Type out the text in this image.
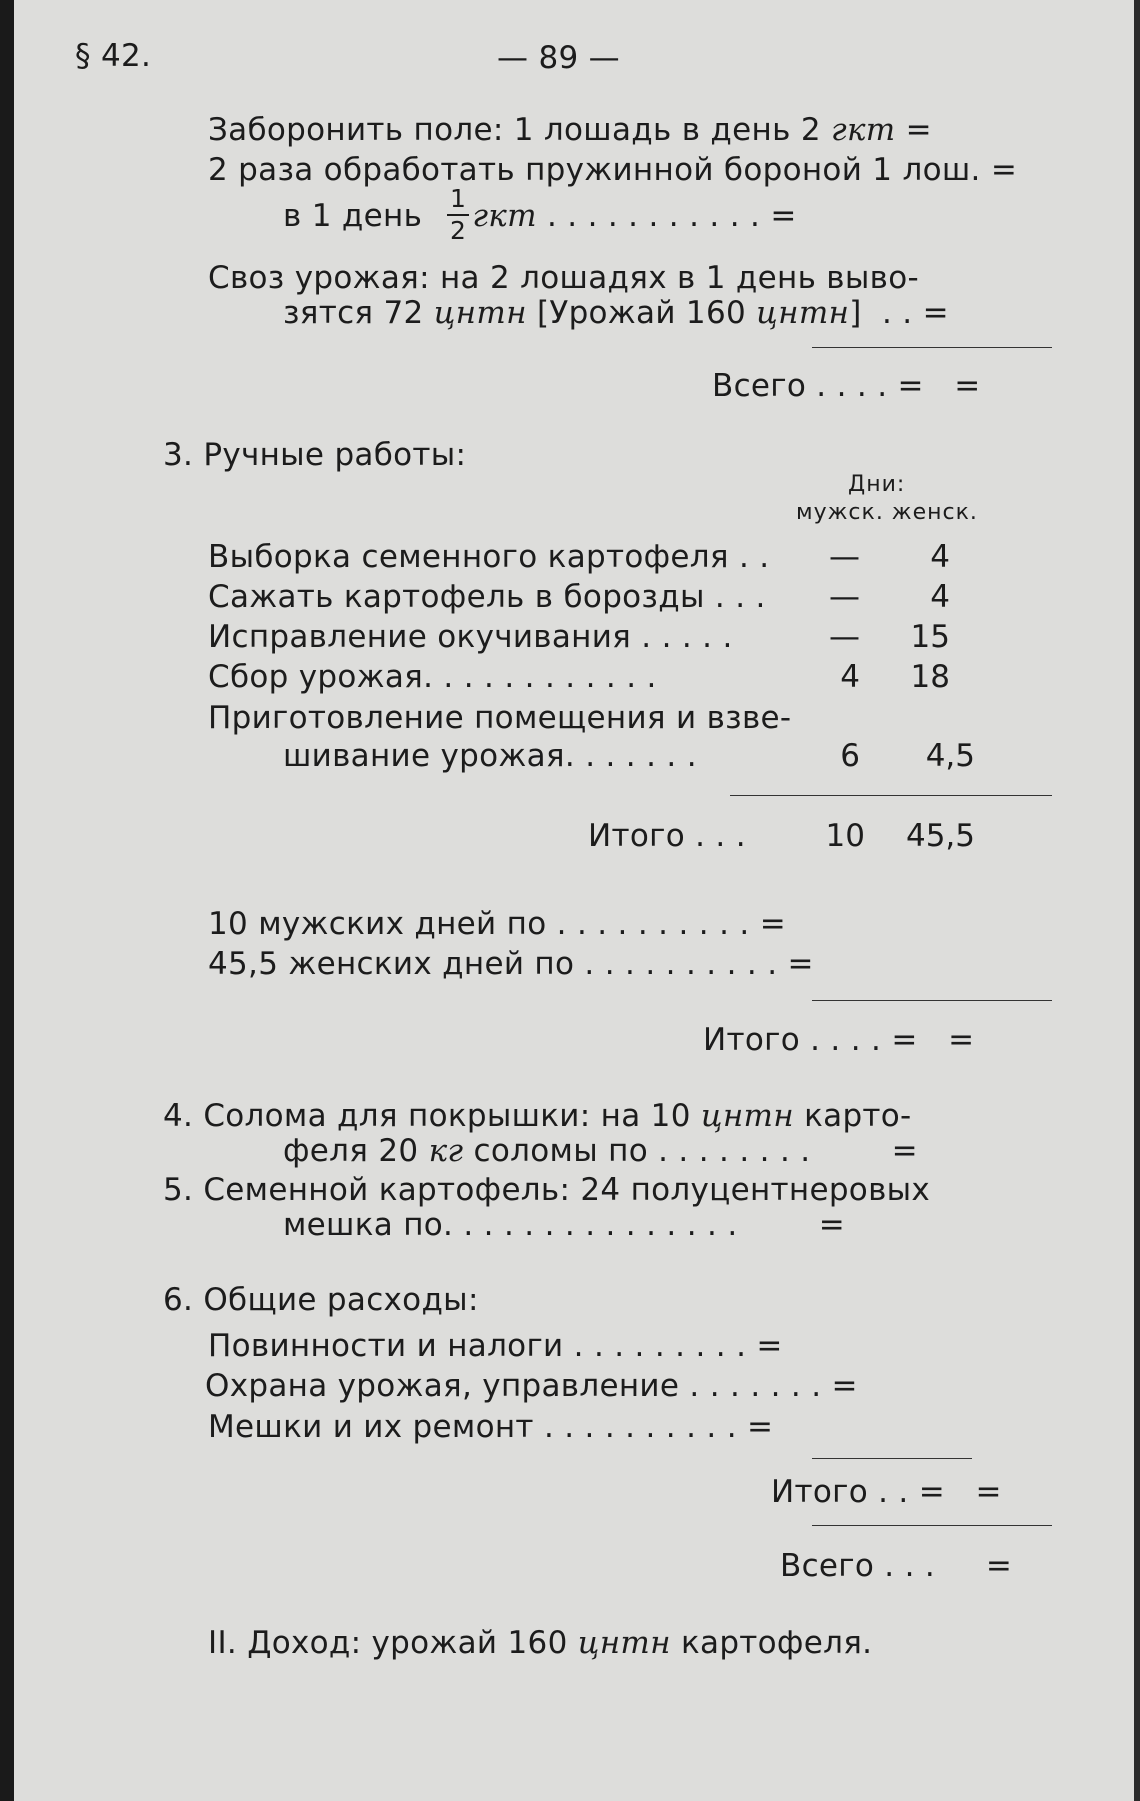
§ 42.	— 89 —
Заборонить поле: 1 лошадь в день 2 гкт =
2 раза обработать пружинной бороной 1 лош. =
в 1 день гкт . . . . . . . . . . . =
1
2
Своз урожая: на 2 лошадях в 1 день выво-
зятся 72 цнтн [Урожай 160 цнтн]  . . =
Всего . . . . =   =
3. Ручные работы:
Дни:
мужск. женск.
Выборка семенного картофеля . .	—	4
Сажать картофель в борозды . . .	—	4
Исправление окучивания . . . . .	—	15
Сбор урожая. . . . . . . . . . . .	4	18
Приготовление помещения и взве-
шивание урожая. . . . . . .	6	4,5
Итого . . .	10	45,5
10 мужских дней по . . . . . . . . . . =
45,5 женских дней по . . . . . . . . . . =
Итого . . . . =   =
4. Солома для покрышки: на 10 цнтн карто-
феля 20 кг соломы по . . . . . . . .        =
5. Семенной картофель: 24 полуцентнеровых
мешка по. . . . . . . . . . . . . . .        =
6. Общие расходы:
Повинности и налоги . . . . . . . . . =
Охрана урожая, управление . . . . . . . =
Мешки и их ремонт . . . . . . . . . . =
Итого . . =   =
Всего . . .     =
II. Доход: урожай 160 цнтн картофеля.
